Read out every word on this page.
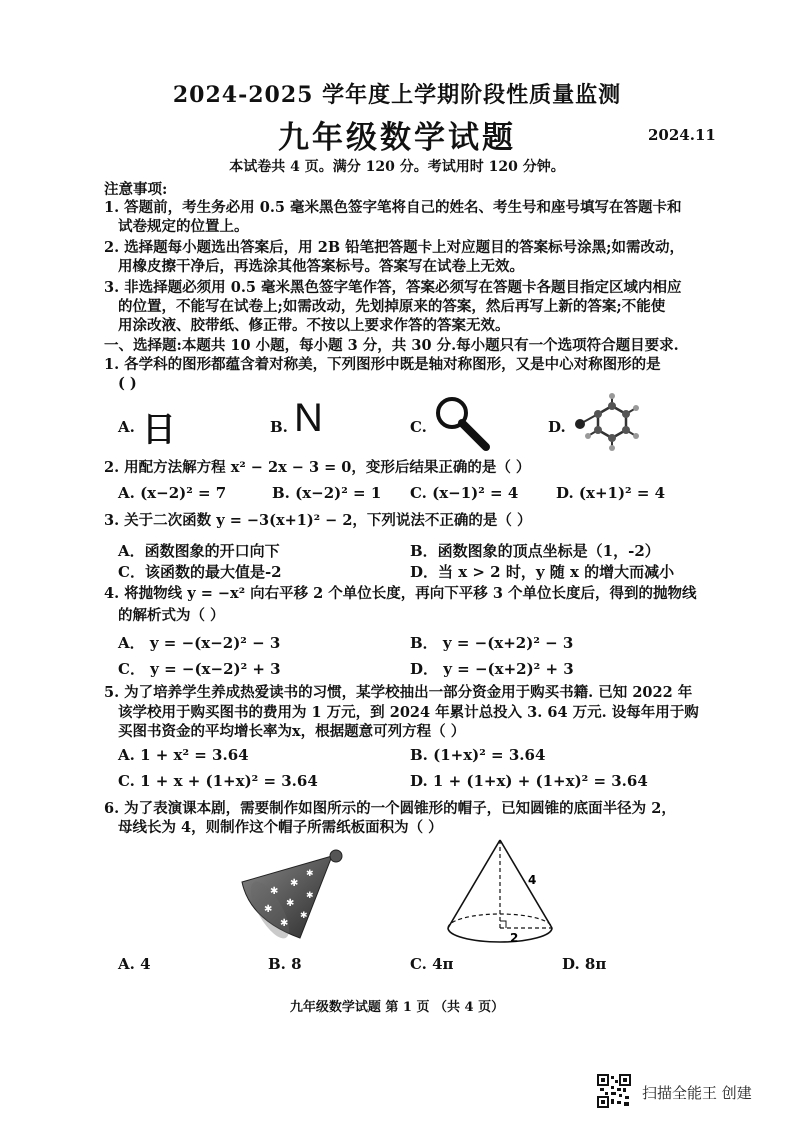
2024-2025 学年度上学期阶段性质量监测
九年级数学试题	2024.11
本试卷共 4 页。满分 120 分。考试用时 120 分钟。
注意事项:
1. 答题前，考生务必用 0.5 毫米黑色签字笔将自己的姓名、考生号和座号填写在答题卡和
试卷规定的位置上。
2. 选择题每小题选出答案后，用 2B 铅笔把答题卡上对应题目的答案标号涂黑;如需改动，
用橡皮擦干净后，再选涂其他答案标号。答案写在试卷上无效。
3. 非选择题必须用 0.5 毫米黑色签字笔作答，答案必须写在答题卡各题目指定区域内相应
的位置，不能写在试卷上;如需改动，先划掉原来的答案，然后再写上新的答案;不能使
用涂改液、胶带纸、修正带。不按以上要求作答的答案无效。
一、选择题:本题共 10 小题，每小题 3 分，共 30 分.每小题只有一个选项符合题目要求.
1. 各学科的图形都蕴含着对称美，下列图形中既是轴对称图形，又是中心对称图形的是
( )
A. 日	B. N	C.	D.
2. 用配方法解方程 x² − 2x − 3 = 0，变形后结果正确的是（ ）
A. (x−2)² = 7	B. (x−2)² = 1 C. (x−1)² = 4	D. (x+1)² = 4
3. 关于二次函数 y = −3(x+1)² − 2，下列说法不正确的是（ ）
A．函数图象的开口向下	B．函数图象的顶点坐标是（1，-2）
C．该函数的最大值是-2	D．当 x > 2 时，y 随 x 的增大而减小
4. 将抛物线 y = −x² 向右平移 2 个单位长度，再向下平移 3 个单位长度后，得到的抛物线
的解析式为（ ）
A． y = −(x−2)² − 3	B． y = −(x+2)² − 3
C． y = −(x−2)² + 3	D． y = −(x+2)² + 3
5. 为了培养学生养成热爱读书的习惯，某学校抽出一部分资金用于购买书籍. 已知 2022 年
该学校用于购买图书的费用为 1 万元，到 2024 年累计总投入 3. 64 万元. 设每年用于购
买图书资金的平均增长率为x，根据题意可列方程（ ）
A. 1 + x² = 3.64	B. (1+x)² = 3.64
C. 1 + x + (1+x)² = 3.64	D. 1 + (1+x) + (1+x)² = 3.64
6. 为了表演课本剧，需要制作如图所示的一个圆锥形的帽子，已知圆锥的底面半径为 2，
母线长为 4，则制作这个帽子所需纸板面积为（ ）
✱
✱
✱
✱
✱
✱
✱
✱
4
2
A. 4	B. 8	C. 4π	D. 8π
九年级数学试题 第 1 页 （共 4 页）
扫描全能王 创建
